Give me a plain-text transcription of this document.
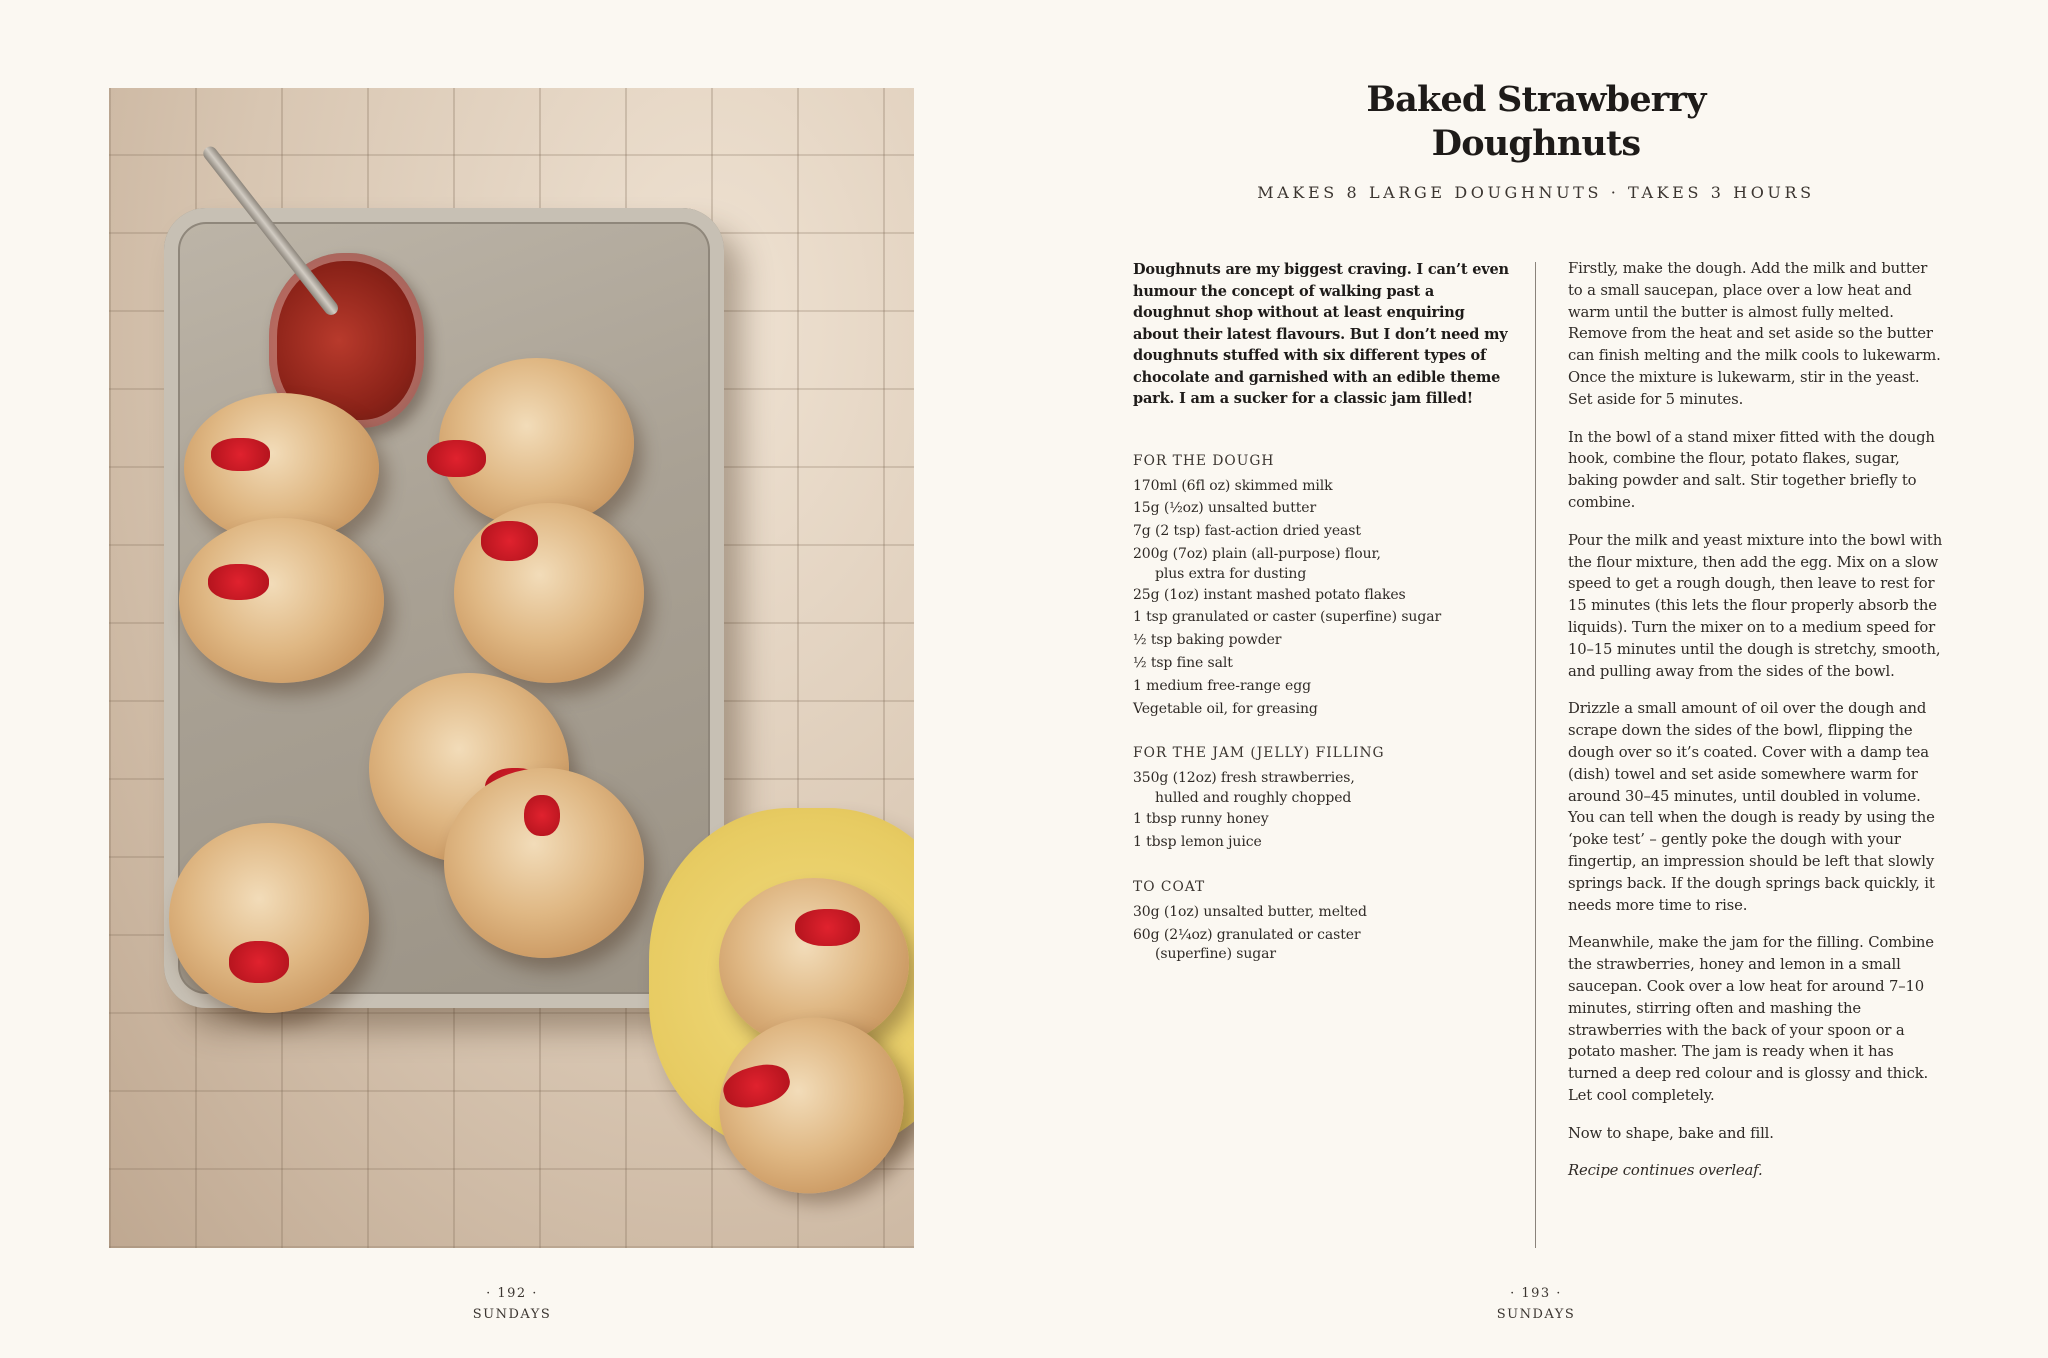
· 192 ·
SUNDAYS
Baked Strawberry
Doughnuts

MAKES 8 LARGE DOUGHNUTS · TAKES 3 HOURS

Doughnuts are my biggest craving. I can’t even humour the concept of walking past a doughnut shop without at least enquiring about their latest flavours. But I don’t need my doughnuts stuffed with six different types of chocolate and garnished with an edible theme park. I am a sucker for a classic jam filled!

FOR THE DOUGH

170ml (6fl oz) skimmed milk
15g (½oz) unsalted butter
7g (2 tsp) fast-action dried yeast
200g (7oz) plain (all-purpose) flour,
plus extra for dusting
25g (1oz) instant mashed potato flakes
1 tsp granulated or caster (superfine) sugar
½ tsp baking powder
½ tsp fine salt
1 medium free-range egg
Vegetable oil, for greasing

FOR THE JAM (JELLY) FILLING

350g (12oz) fresh strawberries,
hulled and roughly chopped
1 tbsp runny honey
1 tbsp lemon juice

TO COAT

30g (1oz) unsalted butter, melted
60g (2¼oz) granulated or caster
(superfine) sugar

Firstly, make the dough. Add the milk and butter to a small saucepan, place over a low heat and warm until the butter is almost fully melted. Remove from the heat and set aside so the butter can finish melting and the milk cools to lukewarm. Once the mixture is lukewarm, stir in the yeast. Set aside for 5 minutes.

In the bowl of a stand mixer fitted with the dough hook, combine the flour, potato flakes, sugar, baking powder and salt. Stir together briefly to combine.

Pour the milk and yeast mixture into the bowl with the flour mixture, then add the egg. Mix on a slow speed to get a rough dough, then leave to rest for 15 minutes (this lets the flour properly absorb the liquids). Turn the mixer on to a medium speed for 10–15 minutes until the dough is stretchy, smooth, and pulling away from the sides of the bowl.

Drizzle a small amount of oil over the dough and scrape down the sides of the bowl, flipping the dough over so it’s coated. Cover with a damp tea (dish) towel and set aside somewhere warm for around 30–45 minutes, until doubled in volume. You can tell when the dough is ready by using the ‘poke test’ – gently poke the dough with your fingertip, an impression should be left that slowly springs back. If the dough springs back quickly, it needs more time to rise.

Meanwhile, make the jam for the filling. Combine the strawberries, honey and lemon in a small saucepan. Cook over a low heat for around 7–10 minutes, stirring often and mashing the strawberries with the back of your spoon or a potato masher. The jam is ready when it has turned a deep red colour and is glossy and thick. Let cool completely.

Now to shape, bake and fill.

Recipe continues overleaf.

· 193 ·
SUNDAYS
